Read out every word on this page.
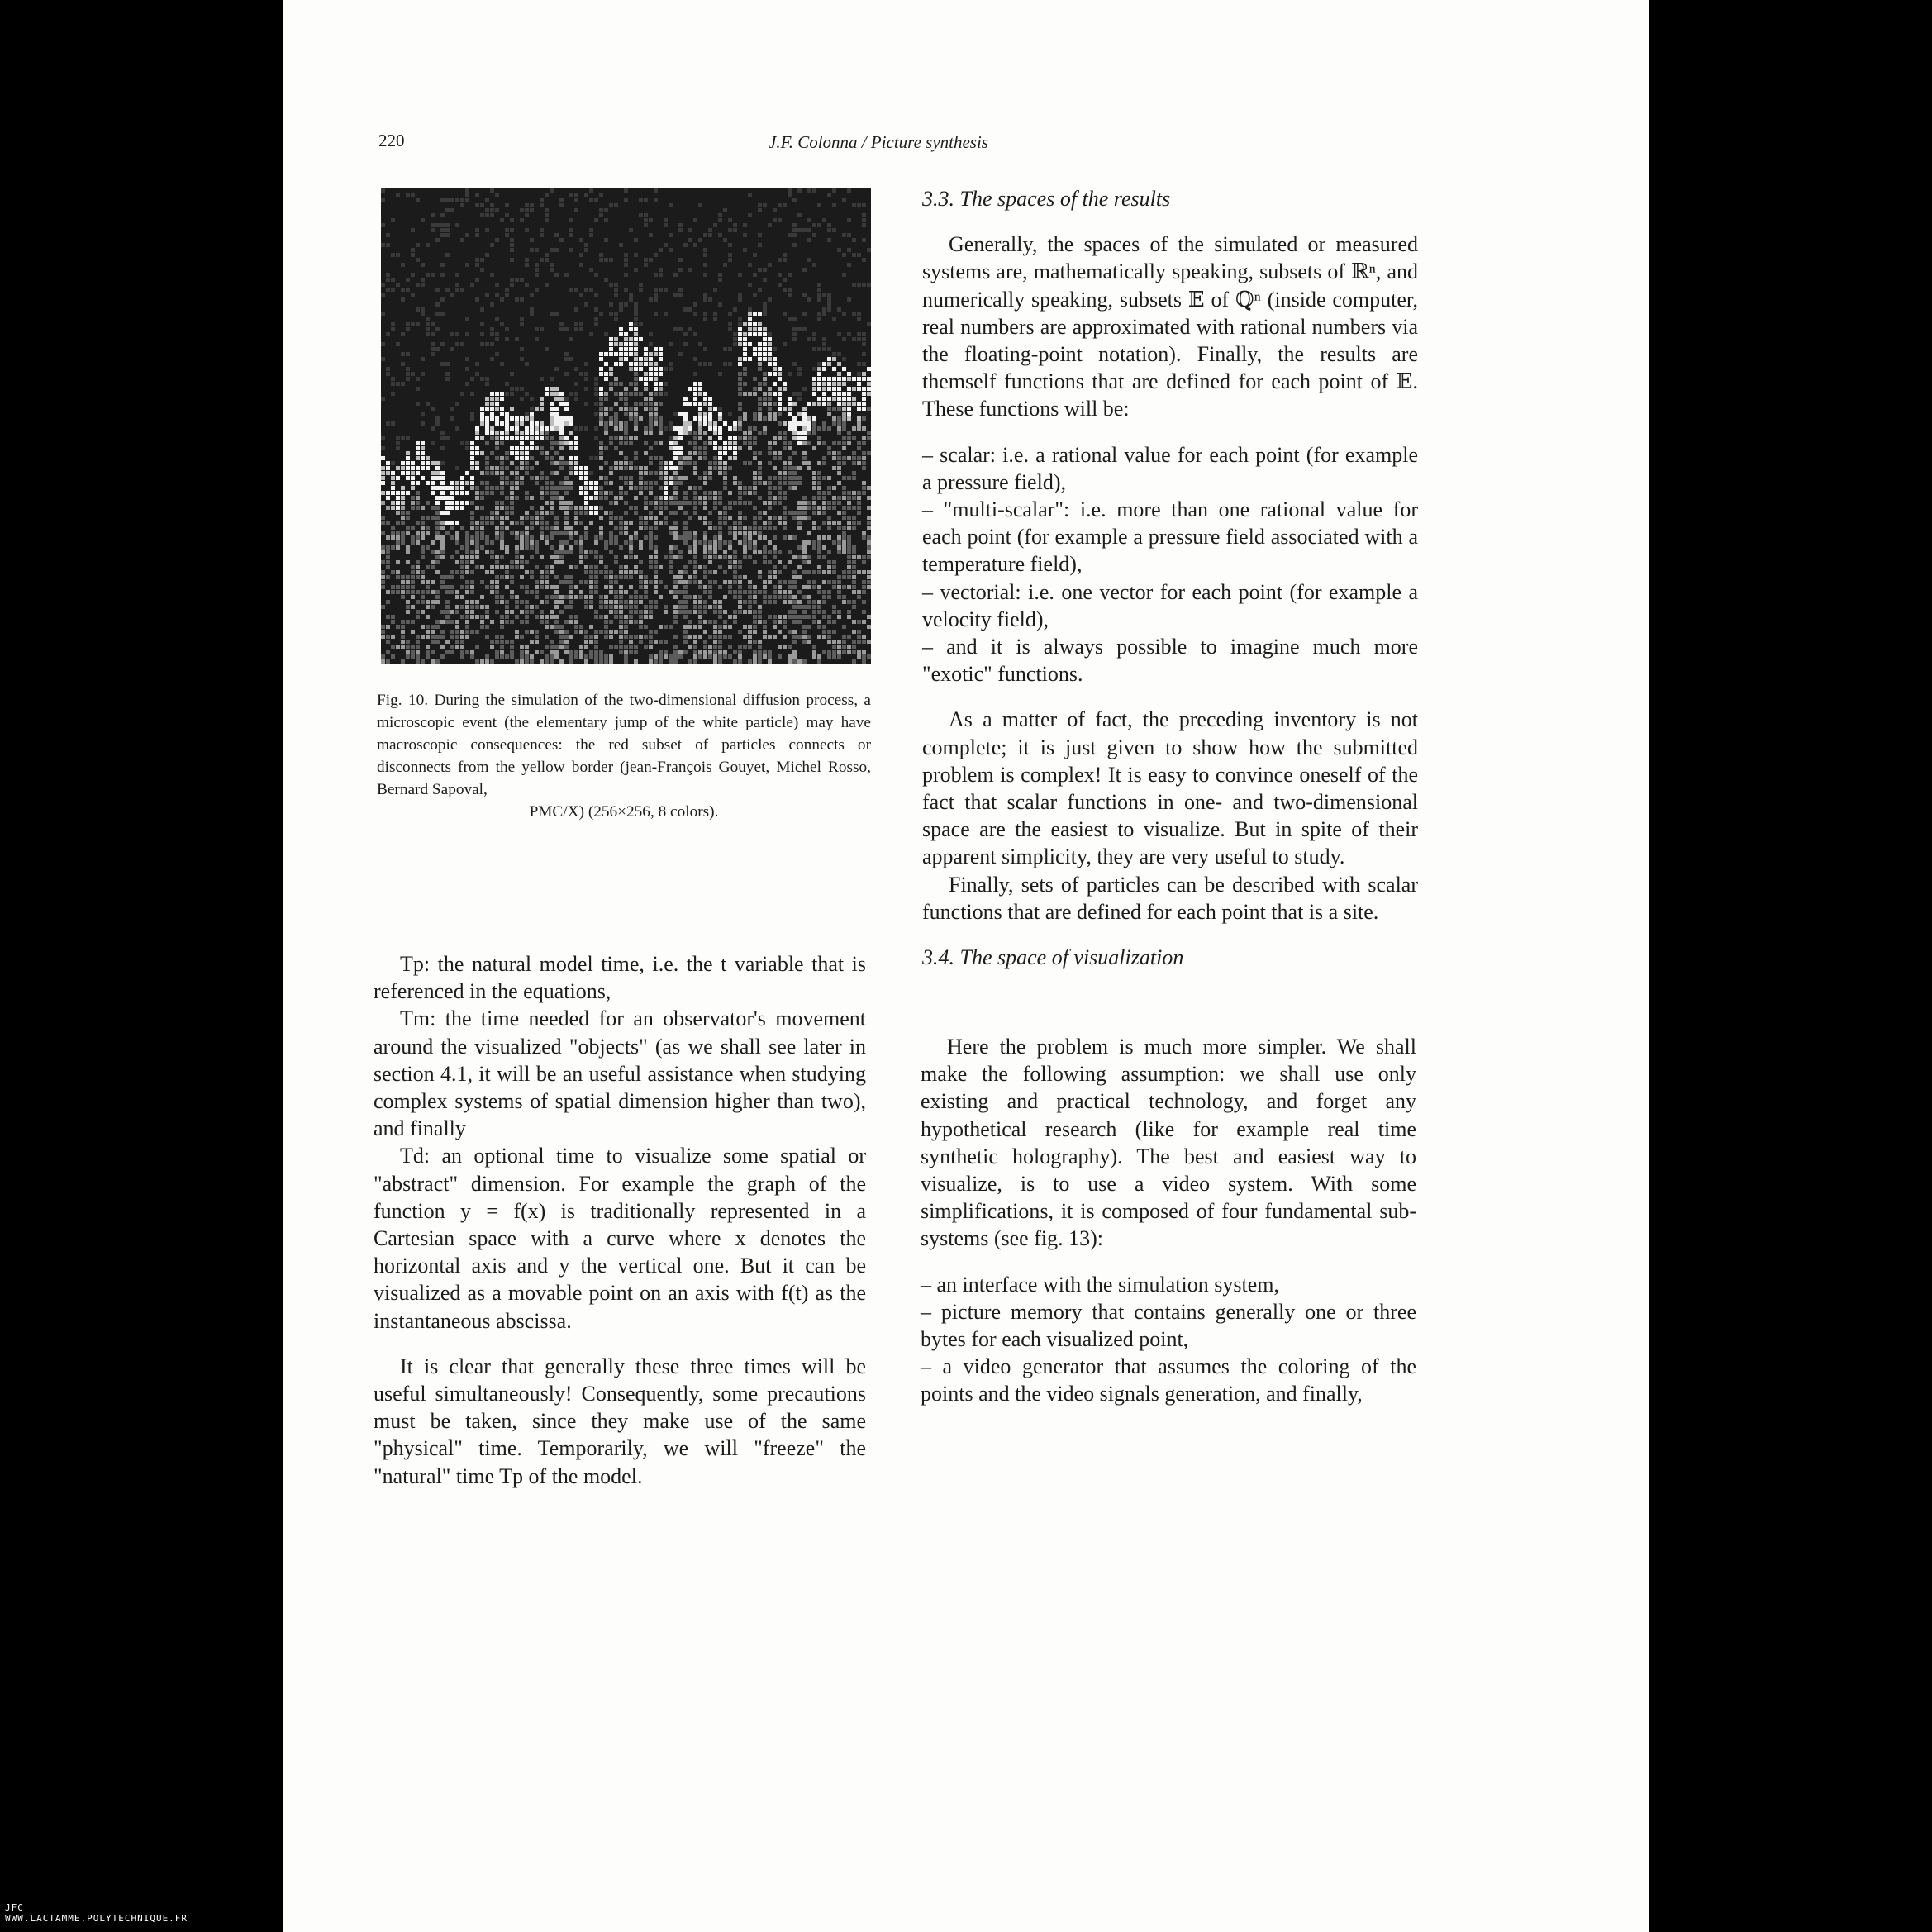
220	J.F. Colonna / Picture synthesis
Fig. 10. During the simulation of the two-dimensional diffusion process, a microscopic event (the elementary jump of the white particle) may have macroscopic consequences: the red subset of particles connects or disconnects from the yellow border (jean-François Gouyet, Michel Rosso, Bernard Sapoval,
PMC/X) (256×256, 8 colors).

Tp: the natural model time, i.e. the t variable that is referenced in the equations,

Tm: the time needed for an observator's movement around the visualized "objects" (as we shall see later in section 4.1, it will be an useful assistance when studying complex systems of spatial dimension higher than two), and finally

Td: an optional time to visualize some spatial or "abstract" dimension. For example the graph of the function y = f(x) is traditionally represented in a Cartesian space with a curve where x denotes the horizontal axis and y the vertical one. But it can be visualized as a movable point on an axis with f(t) as the instantaneous abscissa.

It is clear that generally these three times will be useful simultaneously! Consequently, some precautions must be taken, since they make use of the same "physical" time. Temporarily, we will "freeze" the "natural" time Tp of the model.

3.3. The spaces of the results

Generally, the spaces of the simulated or measured systems are, mathematically speaking, subsets of ℝⁿ, and numerically speaking, subsets 𝔼 of ℚⁿ (inside computer, real numbers are approximated with rational numbers via the floating-point notation). Finally, the results are themself functions that are defined for each point of 𝔼. These functions will be:

– scalar: i.e. a rational value for each point (for example a pressure field),

– "multi-scalar": i.e. more than one rational value for each point (for example a pressure field associated with a temperature field),

– vectorial: i.e. one vector for each point (for example a velocity field),

– and it is always possible to imagine much more "exotic" functions.

As a matter of fact, the preceding inventory is not complete; it is just given to show how the submitted problem is complex! It is easy to convince oneself of the fact that scalar functions in one- and two-dimensional space are the easiest to visualize. But in spite of their apparent simplicity, they are very useful to study.

Finally, sets of particles can be described with scalar functions that are defined for each point that is a site.

3.4. The space of visualization

Here the problem is much more simpler. We shall make the following assumption: we shall use only existing and practical technology, and forget any hypothetical research (like for example real time synthetic holography). The best and easiest way to visualize, is to use a video system. With some simplifications, it is composed of four fundamental sub-systems (see fig. 13):

– an interface with the simulation system,

– picture memory that contains generally one or three bytes for each visualized point,

– a video generator that assumes the coloring of the points and the video signals generation, and finally,

JFC
WWW.LACTAMME.POLYTECHNIQUE.FR
